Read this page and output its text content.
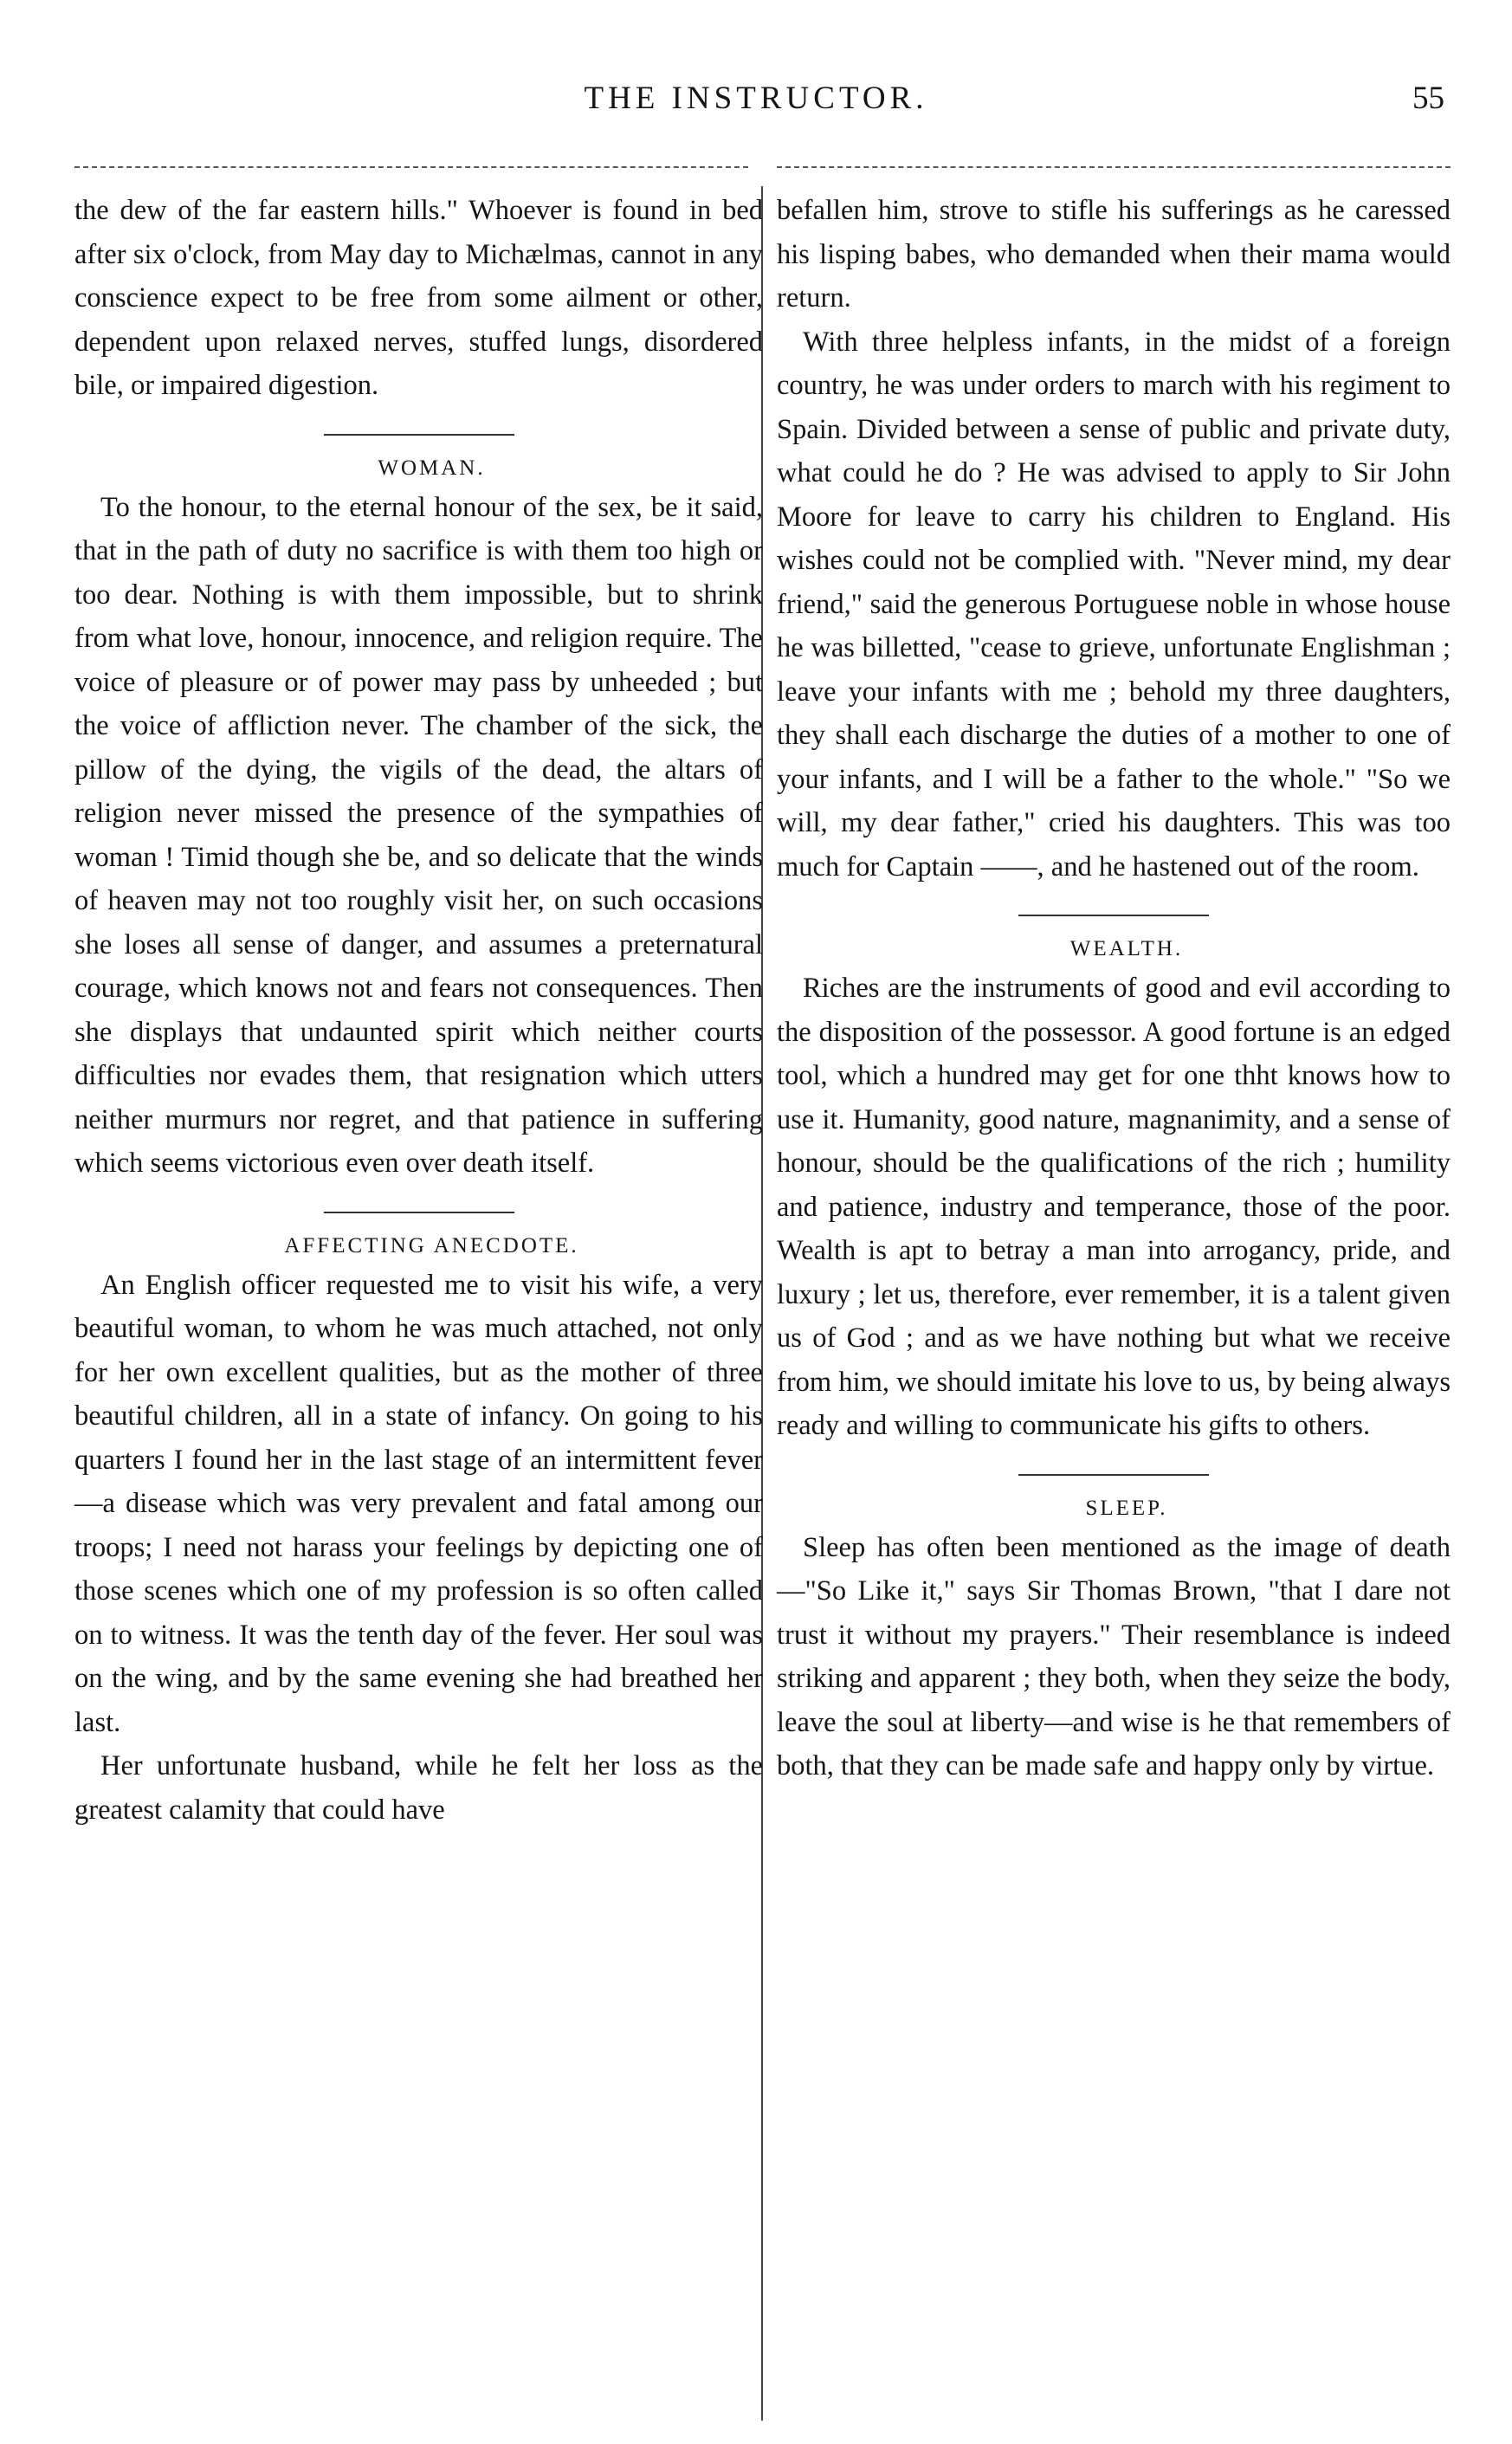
THE INSTRUCTOR.	55

the dew of the far eastern hills." Whoever is found in bed after six o'clock, from May day to Michælmas, cannot in any conscience expect to be free from some ailment or other, dependent upon relaxed nerves, stuffed lungs, disordered bile, or impaired digestion.

WOMAN.

To the honour, to the eternal honour of the sex, be it said, that in the path of duty no sacrifice is with them too high or too dear. Nothing is with them impossible, but to shrink from what love, honour, innocence, and religion require. The voice of pleasure or of power may pass by unheeded ; but the voice of affliction never. The chamber of the sick, the pillow of the dying, the vigils of the dead, the altars of religion never missed the presence of the sympathies of woman ! Timid though she be, and so delicate that the winds of heaven may not too roughly visit her, on such occasions she loses all sense of danger, and assumes a preternatural courage, which knows not and fears not consequences. Then she displays that undaunted spirit which neither courts difficulties nor evades them, that resignation which utters neither murmurs nor regret, and that patience in suffering which seems victorious even over death itself.

AFFECTING ANECDOTE.

An English officer requested me to visit his wife, a very beautiful woman, to whom he was much attached, not only for her own excellent qualities, but as the mother of three beautiful children, all in a state of infancy. On going to his quarters I found her in the last stage of an intermittent fever—a disease which was very prevalent and fatal among our troops; I need not harass your feelings by depicting one of those scenes which one of my profession is so often called on to witness. It was the tenth day of the fever. Her soul was on the wing, and by the same evening she had breathed her last.

Her unfortunate husband, while he felt her loss as the greatest calamity that could have

befallen him, strove to stifle his sufferings as he caressed his lisping babes, who demanded when their mama would return.

With three helpless infants, in the midst of a foreign country, he was under orders to march with his regiment to Spain. Divided between a sense of public and private duty, what could he do ? He was advised to apply to Sir John Moore for leave to carry his children to England. His wishes could not be complied with. "Never mind, my dear friend," said the generous Portuguese noble in whose house he was billetted, "cease to grieve, unfortunate Englishman ; leave your infants with me ; behold my three daughters, they shall each discharge the duties of a mother to one of your infants, and I will be a father to the whole." "So we will, my dear father," cried his daughters. This was too much for Captain ——, and he hastened out of the room.

WEALTH.

Riches are the instruments of good and evil according to the disposition of the possessor. A good fortune is an edged tool, which a hundred may get for one thht knows how to use it. Humanity, good nature, magnanimity, and a sense of honour, should be the qualifications of the rich ; humility and patience, industry and temperance, those of the poor. Wealth is apt to betray a man into arrogancy, pride, and luxury ; let us, therefore, ever remember, it is a talent given us of God ; and as we have nothing but what we receive from him, we should imitate his love to us, by being always ready and willing to communicate his gifts to others.

SLEEP.

Sleep has often been mentioned as the image of death—"So Like it," says Sir Thomas Brown, "that I dare not trust it without my prayers." Their resemblance is indeed striking and apparent ; they both, when they seize the body, leave the soul at liberty—and wise is he that remembers of both, that they can be made safe and happy only by virtue.
